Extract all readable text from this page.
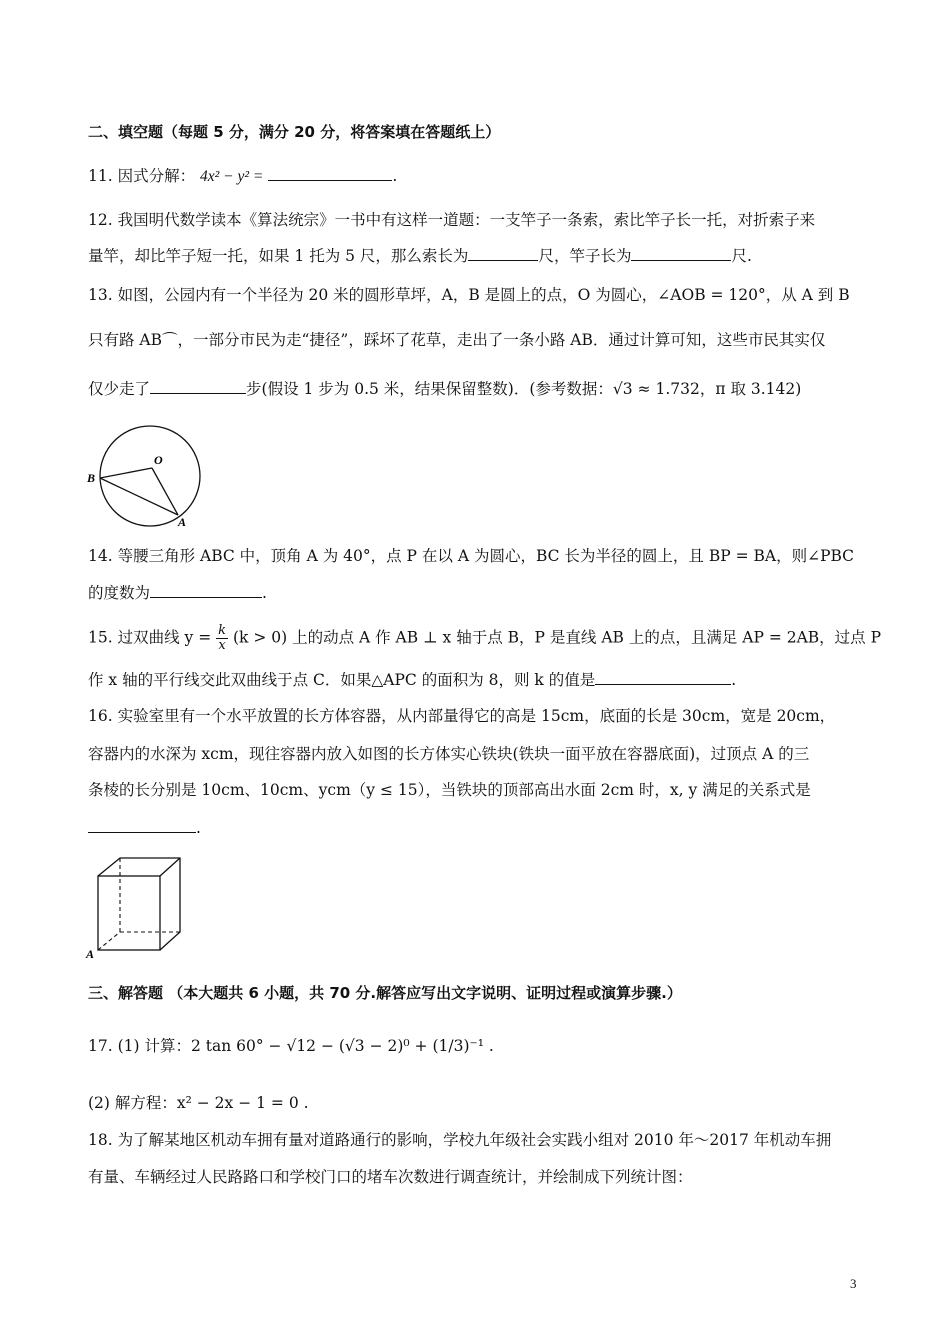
二、填空题（每题 5 分，满分 20 分，将答案填在答题纸上）
11. 因式分解： 4x² − y² =	.
12. 我国明代数学读本《算法统宗》一书中有这样一道题：一支竿子一条索，索比竿子长一托，对折索子来
量竿，却比竿子短一托，如果 1 托为 5 尺，那么索长为	尺，竿子长为	尺.
13. 如图，公园内有一个半径为 20 米的圆形草坪，A，B 是圆上的点，O 为圆心，∠AOB = 120°，从 A 到 B
只有路 AB⌒，一部分市民为走“捷径”，踩坏了花草，走出了一条小路 AB．通过计算可知，这些市民其实仅
仅少走了	步(假设 1 步为 0.5 米，结果保留整数)．(参考数据：√3 ≈ 1.732，π 取 3.142)
O
B
A
14. 等腰三角形 ABC 中，顶角 A 为 40°，点 P 在以 A 为圆心，BC 长为半径的圆上，且 BP = BA，则∠PBC
的度数为	.
15. 过双曲线 $y = \frac{k}{x} (k > 0)$ 上的动点 A 作 AB ⊥ x 轴于点 B，P 是直线 AB 上的点，且满足 AP = 2AB，过点 P
作 x 轴的平行线交此双曲线于点 C．如果△APC 的面积为 8，则 k 的值是	.
16. 实验室里有一个水平放置的长方体容器，从内部量得它的高是 15cm，底面的长是 30cm，宽是 20cm，
容器内的水深为 xcm，现往容器内放入如图的长方体实心铁块(铁块一面平放在容器底面)，过顶点 A 的三
条棱的长分别是 10cm、10cm、ycm（y ≤ 15），当铁块的顶部高出水面 2cm 时，x, y 满足的关系式是
.
A
三、解答题 （本大题共 6 小题，共 70 分.解答应写出文字说明、证明过程或演算步骤.）
17. (1) 计算：2 tan 60° − √12 − (√3 − 2)⁰ + (1/3)⁻¹ .
(2) 解方程：x² − 2x − 1 = 0 .
18. 为了解某地区机动车拥有量对道路通行的影响，学校九年级社会实践小组对 2010 年～2017 年机动车拥
有量、车辆经过人民路路口和学校门口的堵车次数进行调查统计，并绘制成下列统计图：
3
